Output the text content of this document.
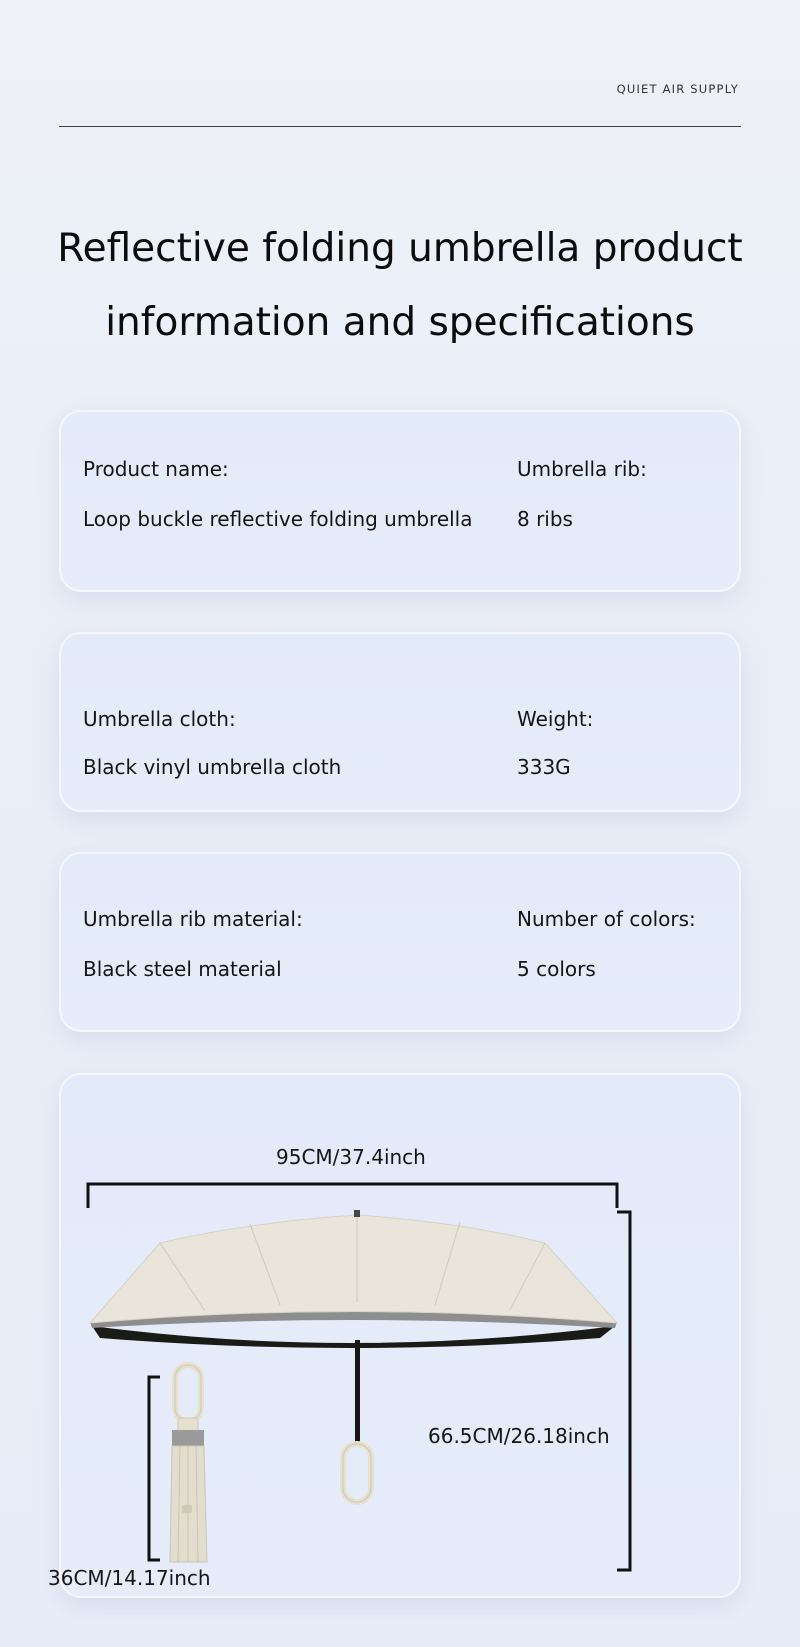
QUIET AIR SUPPLY
Reflective folding umbrella product
information and specifications
Product name:
Loop buckle reflective folding umbrella
Umbrella rib:
8 ribs
Umbrella cloth:
Black vinyl umbrella cloth
Weight:
333G
Umbrella rib material:
Black steel material
Number of colors:
5 colors
95CM/37.4inch
66.5CM/26.18inch
36CM/14.17inch
